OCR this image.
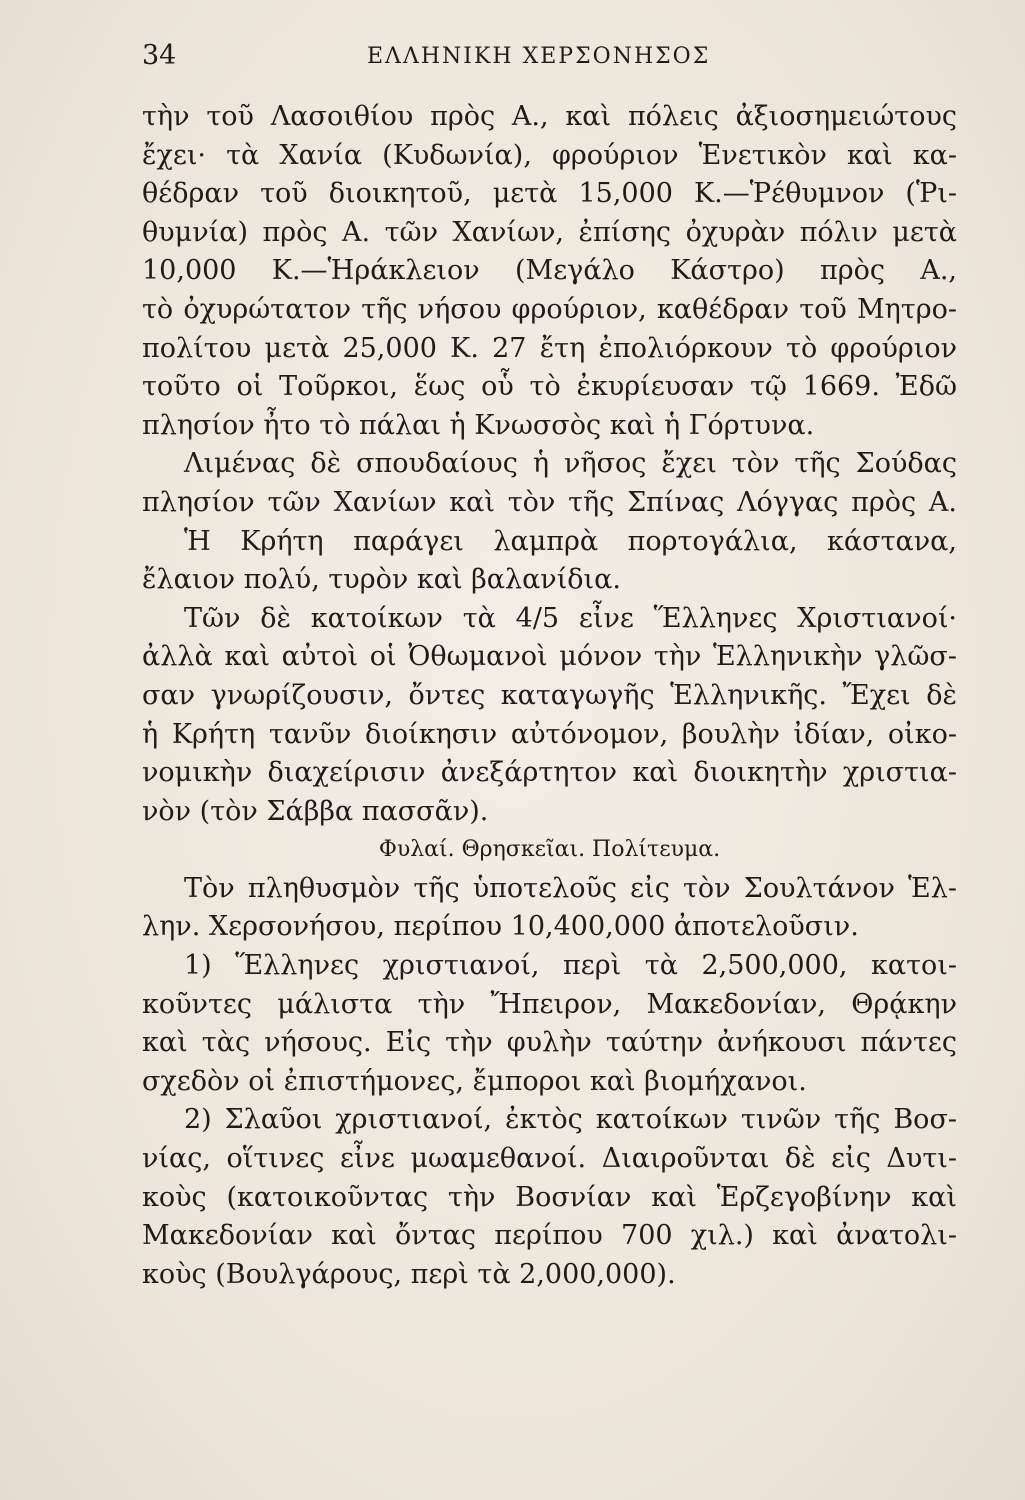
34	ΕΛΛΗΝΙΚΗ ΧΕΡΣΟΝΗΣΟΣ
τὴν τοῦ Λασοιθίου πρὸς Α., καὶ πόλεις ἀξιοσημειώτους
ἔχει· τὰ Χανία (Κυδωνία), φρούριον Ἑνετικὸν καὶ κα-
θέδραν τοῦ διοικητοῦ, μετὰ 15,000 Κ.—Ῥέθυμνον (Ῥι-
θυμνία) πρὸς Α. τῶν Χανίων, ἐπίσης ὀχυρὰν πόλιν μετὰ
10,000 Κ.—Ἡράκλειον (Μεγάλο Κάστρο) πρὸς Α.,
τὸ ὀχυρώτατον τῆς νήσου φρούριον, καθέδραν τοῦ Μητρο-
πολίτου μετὰ 25,000 Κ. 27 ἔτη ἐπολιόρκουν τὸ φρούριον
τοῦτο οἱ Τοῦρκοι, ἕως οὗ τὸ ἐκυρίευσαν τῷ 1669. Ἐδῶ
πλησίον ἦτο τὸ πάλαι ἡ Κνωσσὸς καὶ ἡ Γόρτυνα.
Λιμένας δὲ σπουδαίους ἡ νῆσος ἔχει τὸν τῆς Σούδας
πλησίον τῶν Χανίων καὶ τὸν τῆς Σπίνας Λόγγας πρὸς Α.
Ἡ Κρήτη παράγει λαμπρὰ πορτογάλια, κάστανα,
ἔλαιον πολύ, τυρὸν καὶ βαλανίδια.
Τῶν δὲ κατοίκων τὰ 4/5 εἶνε Ἕλληνες Χριστιανοί·
ἀλλὰ καὶ αὐτοὶ οἱ Ὀθωμανοὶ μόνον τὴν Ἑλληνικὴν γλῶσ-
σαν γνωρίζουσιν, ὄντες καταγωγῆς Ἑλληνικῆς. Ἔχει δὲ
ἡ Κρήτη τανῦν διοίκησιν αὐτόνομον, βουλὴν ἰδίαν, οἰκο-
νομικὴν διαχείρισιν ἀνεξάρτητον καὶ διοικητὴν χριστια-
νὸν (τὸν Σάββα πασσᾶν).
Φυλαί. Θρησκεῖαι. Πολίτευμα.
Τὸν πληθυσμὸν τῆς ὑποτελοῦς εἰς τὸν Σουλτάνον Ἑλ-
λην. Χερσονήσου, περίπου 10,400,000 ἀποτελοῦσιν.
1) Ἕλληνες χριστιανοί, περὶ τὰ 2,500,000, κατοι-
κοῦντες μάλιστα τὴν Ἤπειρον, Μακεδονίαν, Θρᾴκην
καὶ τὰς νήσους. Εἰς τὴν φυλὴν ταύτην ἀνήκουσι πάντες
σχεδὸν οἱ ἐπιστήμονες, ἔμποροι καὶ βιομήχανοι.
2) Σλαῦοι χριστιανοί, ἐκτὸς κατοίκων τινῶν τῆς Βοσ-
νίας, οἵτινες εἶνε μωαμεθανοί. Διαιροῦνται δὲ εἰς Δυτι-
κοὺς (κατοικοῦντας τὴν Βοσνίαν καὶ Ἑρζεγοβίνην καὶ
Μακεδονίαν καὶ ὄντας περίπου 700 χιλ.) καὶ ἀνατολι-
κοὺς (Βουλγάρους, περὶ τὰ 2,000,000).
